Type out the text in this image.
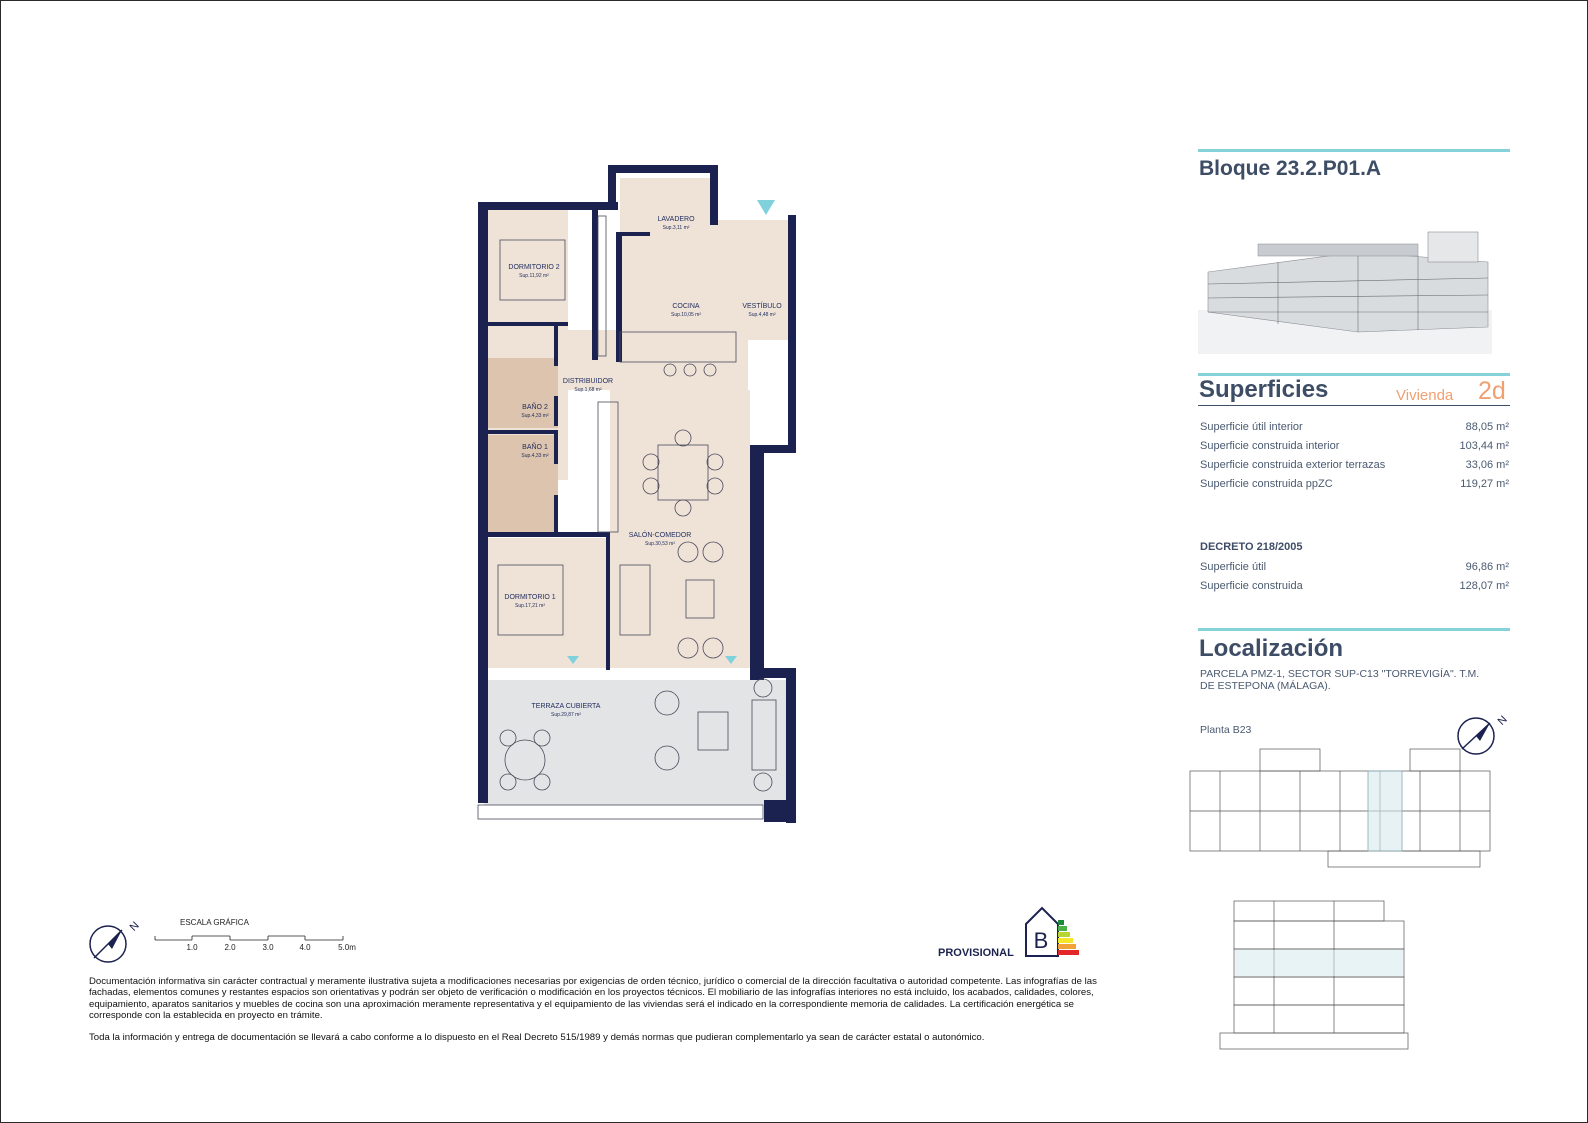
LAVADERO
Sup.3,11 m²
DORMITORIO 2
Sup.11,92 m²
COCINA
Sup.10,05 m²
VESTÍBULO
Sup.4,48 m²
DISTRIBUIDOR
Sup.1,68 m²
BAÑO 2
Sup.4,33 m²
BAÑO 1
Sup.4,33 m²
SALÓN-COMEDOR
Sup.30,53 m²
DORMITORIO 1
Sup.17,21 m²
TERRAZA CUBIERTA
Sup.29,87 m²
Bloque 23.2.P01.A
Superficies	Vivienda 2d
Superficie útil interior	88,05 m²
Superficie construida interior	103,44 m²
Superficie construida exterior terrazas	33,06 m²
Superficie construida ppZC	119,27 m²
DECRETO 218/2005
Superficie útil	96,86 m²
Superficie construida	128,07 m²
Localización
PARCELA PMZ-1, SECTOR SUP-C13 "TORREVIGÍA". T.M.
DE ESTEPONA (MÁLAGA).
Planta B23
N
N	ESCALA GRÁFICA
1.0	2.0	3.0	4.0	5.0m	PROVISIONAL B
Documentación informativa sin carácter contractual y meramente ilustrativa sujeta a modificaciones necesarias por exigencias de orden técnico, jurídico o comercial de la dirección facultativa o autoridad competente. Las infografías de las fachadas, elementos comunes y restantes espacios son orientativas y podrán ser objeto de verificación o modificación en los proyectos técnicos. El mobiliario de las infografías interiores no está incluido, los acabados, calidades, colores, equipamiento, aparatos sanitarios y muebles de cocina son una aproximación meramente representativa y el equipamiento de las viviendas será el indicado en la correspondiente memoria de calidades. La certificación energética se corresponde con la establecida en proyecto en trámite.
Toda la información y entrega de documentación se llevará a cabo conforme a lo dispuesto en el Real Decreto 515/1989 y demás normas que pudieran complementarlo ya sean de carácter estatal o autonómico.
